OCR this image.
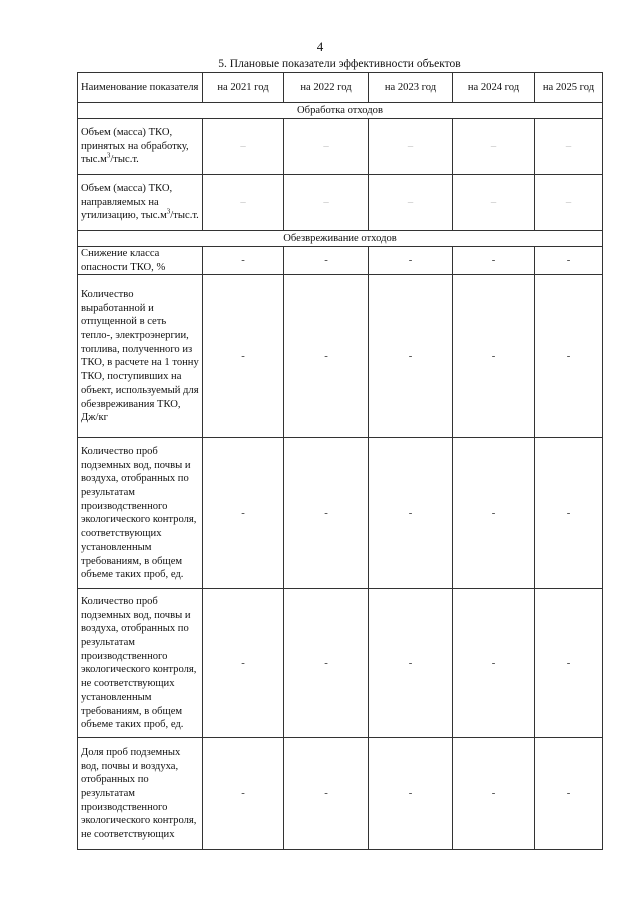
4
5. Плановые показатели эффективности объектов
Наименование показателя	на 2021 год	на 2022 год	на 2023 год	на 2024 год	на 2025 год
Обработка отходов					
Объем (масса) ТКО, принятых на обработку, $тыс.м^3/тыс.т$.	–	–	–	–	–
Объем (масса) ТКО, направляемых на утилизацию, $тыс.м^3/тыс.т$.	–	–	–	–	–
Обезвреживание отходов					
Снижение класса опасности ТКО, %	-	-	-	-	-
Количество выработанной и отпущенной в сеть тепло-, электроэнергии, топлива, полученного из ТКО, в расчете на 1 тонну ТКО, поступивших на объект, используемый для обезвреживания ТКО, Дж/кг	-	-	-	-	-
Количество проб подземных вод, почвы и воздуха, отобранных по результатам производственного экологического контроля, соответствующих установленным требованиям, в общем объеме таких проб, ед.	-	-	-	-	-
Количество проб подземных вод, почвы и воздуха, отобранных по результатам производственного экологического контроля, не соответствующих установленным требованиям, в общем объеме таких проб, ед.	-	-	-	-	-
Доля проб подземных вод, почвы и воздуха, отобранных по результатам производственного экологического контроля, не соответствующих	-	-	-	-	-
